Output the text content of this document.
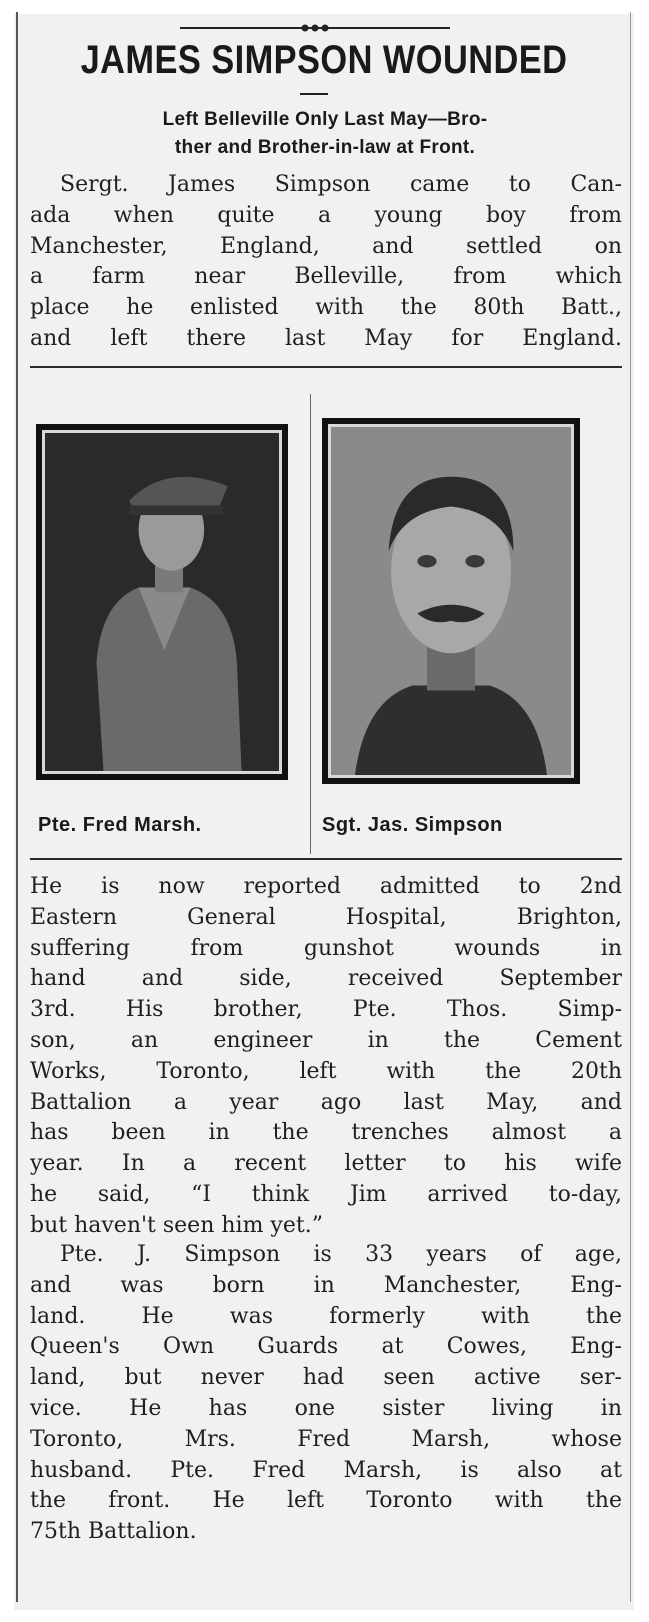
JAMES SIMPSON WOUNDED
Left Belleville Only Last May—Bro-
ther and Brother-in-law at Front.
Sergt. James Simpson came to Can-
ada when quite a young boy from
Manchester, England, and settled on
a farm near Belleville, from which
place he enlisted with the 80th Batt.,
and left there last May for England.
Pte. Fred Marsh.	Sgt. Jas. Simpson
He is now reported admitted to 2nd
Eastern General Hospital, Brighton,
suffering from gunshot wounds in
hand and side, received September
3rd. His brother, Pte. Thos. Simp-
son, an engineer in the Cement
Works, Toronto, left with the 20th
Battalion a year ago last May, and
has been in the trenches almost a
year. In a recent letter to his wife
he said, “I think Jim arrived to-day,
but haven't seen him yet.”
Pte. J. Simpson is 33 years of age,
and was born in Manchester, Eng-
land. He was formerly with the
Queen's Own Guards at Cowes, Eng-
land, but never had seen active ser-
vice. He has one sister living in
Toronto, Mrs. Fred Marsh, whose
husband. Pte. Fred Marsh, is also at
the front. He left Toronto with the
75th Battalion.
